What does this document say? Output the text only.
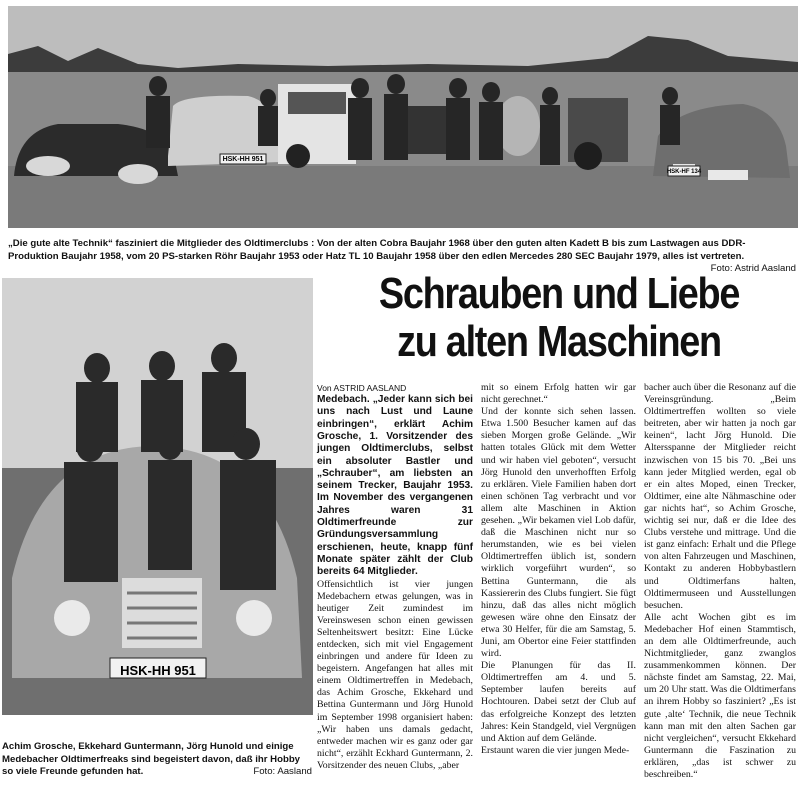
HSK-HH 951
HSK-HF 134
„Die gute alte Technik“ fasziniert die Mitglieder des Oldtimerclubs : Von der alten Cobra Baujahr 1968 über den guten alten Kadett B bis zum Lastwagen aus DDR-Produktion Baujahr 1958, vom 20 PS-starken Röhr Baujahr 1953 oder Hatz TL 10 Baujahr 1958 über den edlen Mercedes 280 SEC Baujahr 1979, alles ist vertreten.
Foto: Astrid Aasland
Schrauben und Liebe
zu alten Maschinen
HSK-HH 951
Achim Grosche, Ekkehard Guntermann, Jörg Hunold und einige Medebacher Oldtimerfreaks sind begeistert davon, daß ihr Hobby so viele Freunde gefunden hat.	Foto: Aasland

Von ASTRID AASLAND

Medebach. „Jeder kann sich bei uns nach Lust und Laune einbringen“, erklärt Achim Grosche, 1. Vorsitzender des jungen Oldtimerclubs, selbst ein absoluter Bastler und „Schrauber“, am liebsten an seinem Trecker, Baujahr 1953. Im November des vergangenen Jahres waren 31 Oldtimerfreunde zur Gründungsversammlung erschienen, heute, knapp fünf Monate später zählt der Club bereits 64 Mitglieder.

Offensichtlich ist vier jungen Medebachern etwas gelungen, was in heutiger Zeit zumindest im Vereinswesen schon einen gewissen Seltenheitswert besitzt: Eine Lücke entdecken, sich mit viel Engagement einbringen und andere für Ideen zu begeistern. Angefangen hat alles mit einem Oldtimertreffen in Medebach, das Achim Grosche, Ekkehard und Bettina Guntermann und Jörg Hunold im September 1998 organisiert haben: „Wir haben uns damals gedacht, entweder machen wir es ganz oder gar nicht“, erzählt Eckhard Guntermann, 2. Vorsitzender des neuen Clubs, „aber

mit so einem Erfolg hatten wir gar nicht gerechnet.“

Und der konnte sich sehen lassen. Etwa 1.500 Besucher kamen auf das sieben Morgen große Gelände. „Wir hatten totales Glück mit dem Wetter und wir haben viel geboten“, versucht Jörg Hunold den unverhofften Erfolg zu erklären. Viele Familien haben dort einen schönen Tag verbracht und vor allem alte Maschinen in Aktion gesehen. „Wir bekamen viel Lob dafür, daß die Maschinen nicht nur so herumstanden, wie es bei vielen Oldtimertreffen üblich ist, sondern wirklich vorgeführt wurden“, so Bettina Guntermann, die als Kassiererin des Clubs fungiert. Sie fügt hinzu, daß das alles nicht möglich gewesen wäre ohne den Einsatz der etwa 30 Helfer, für die am Samstag, 5. Juni, am Obertor eine Feier stattfinden wird.

Die Planungen für das II. Oldtimertreffen am 4. und 5. September laufen bereits auf Hochtouren. Dabei setzt der Club auf das erfolgreiche Konzept des letzten Jahres: Kein Standgeld, viel Vergnügen und Aktion auf dem Gelände.

Erstaunt waren die vier jungen Mede-

bacher auch über die Resonanz auf die Vereinsgründung. „Beim Oldtimertreffen wollten so viele beitreten, aber wir hatten ja noch gar keinen“, lacht Jörg Hunold. Die Altersspanne der Mitglieder reicht inzwischen von 15 bis 70. „Bei uns kann jeder Mitglied werden, egal ob er ein altes Moped, einen Trecker, Oldtimer, eine alte Nähmaschine oder gar nichts hat“, so Achim Grosche, wichtig sei nur, daß er die Idee des Clubs verstehe und mittrage. Und die ist ganz einfach: Erhalt und die Pflege von alten Fahrzeugen und Maschinen, Kontakt zu anderen Hobbybastlern und Oldtimerfans halten, Oldtimermuseen und Ausstellungen besuchen.

Alle acht Wochen gibt es im Medebacher Hof einen Stammtisch, an dem alle Oldtimerfreunde, auch Nichtmitglieder, ganz zwanglos zusammenkommen können. Der nächste findet am Samstag, 22. Mai, um 20 Uhr statt. Was die Oldtimerfans an ihrem Hobby so fasziniert? „Es ist gute ‚alte‘ Technik, die neue Technik kann man mit den alten Sachen gar nicht vergleichen“, versucht Ekkehard Guntermann die Faszination zu erklären, „das ist schwer zu beschreiben.“
